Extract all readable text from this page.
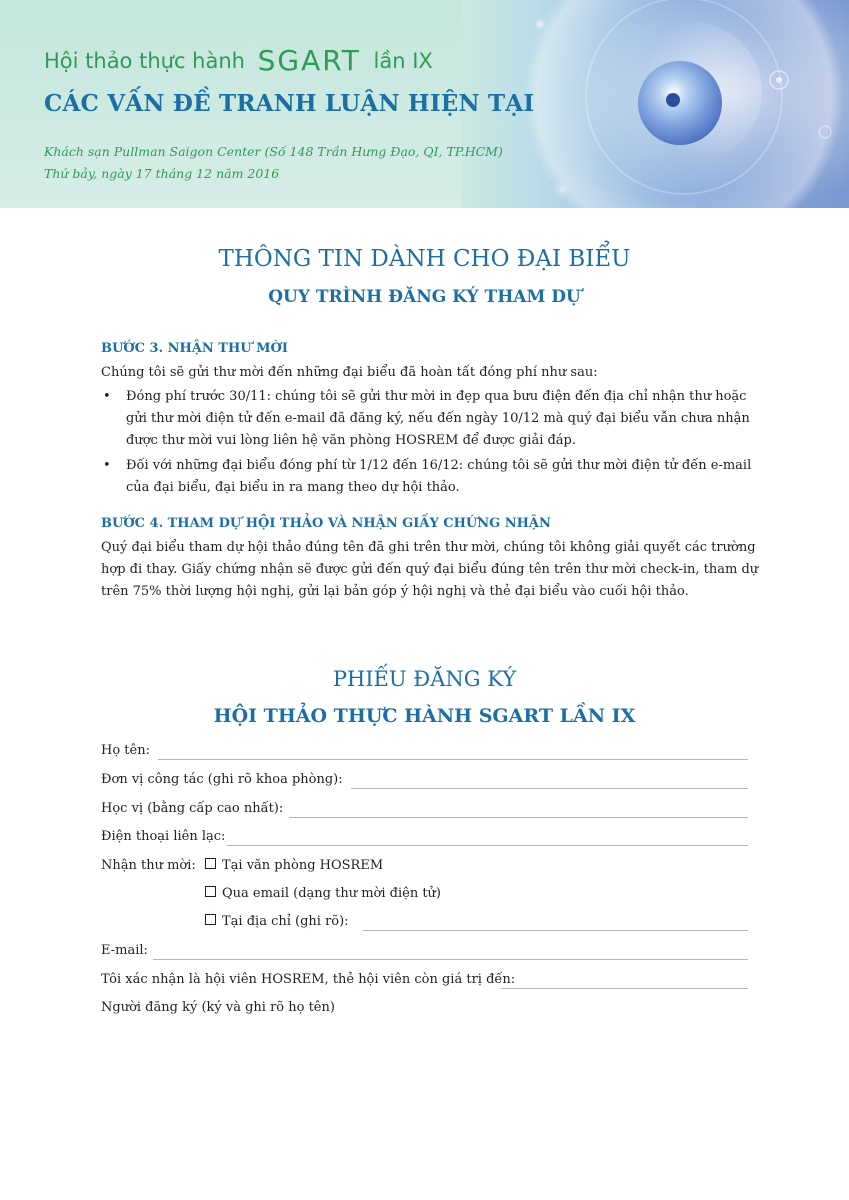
Hội thảo thực hành SGART lần IX
CÁC VẤN ĐỀ TRANH LUẬN HIỆN TẠI
Khách sạn Pullman Saigon Center (Số 148 Trần Hưng Đạo, QI, TP.HCM)
Thứ bảy, ngày 17 tháng 12 năm 2016
THÔNG TIN DÀNH CHO ĐẠI BIỂU
QUY TRÌNH ĐĂNG KÝ THAM DỰ
BƯỚC 3. NHẬN THƯ MỜI
Chúng tôi sẽ gửi thư mời đến những đại biểu đã hoàn tất đóng phí như sau:
• Đóng phí trước 30/11: chúng tôi sẽ gửi thư mời in đẹp qua bưu điện đến địa chỉ nhận thư hoặc gửi thư mời điện tử đến e-mail đã đăng ký, nếu đến ngày 10/12 mà quý đại biểu vẫn chưa nhận được thư mời vui lòng liên hệ văn phòng HOSREM để được giải đáp.
• Đối với những đại biểu đóng phí từ 1/12 đến 16/12: chúng tôi sẽ gửi thư mời điện tử đến e-mail của đại biểu, đại biểu in ra mang theo dự hội thảo.
BƯỚC 4. THAM DỰ HỘI THẢO VÀ NHẬN GIẤY CHỨNG NHẬN
Quý đại biểu tham dự hội thảo đúng tên đã ghi trên thư mời, chúng tôi không giải quyết các trường hợp đi thay. Giấy chứng nhận sẽ được gửi đến quý đại biểu đúng tên trên thư mời check-in, tham dự trên 75% thời lượng hội nghị, gửi lại bản góp ý hội nghị và thẻ đại biểu vào cuối hội thảo.
PHIẾU ĐĂNG KÝ
HỘI THẢO THỰC HÀNH SGART LẦN IX
Họ tên:
Đơn vị công tác (ghi rõ khoa phòng):
Học vị (bằng cấp cao nhất):
Điện thoại liên lạc:
Nhận thư mời:	Tại văn phòng HOSREM
Qua email (dạng thư mời điện tử)
Tại địa chỉ (ghi rõ):
E-mail:
Tôi xác nhận là hội viên HOSREM, thẻ hội viên còn giá trị đến:
Người đăng ký (ký và ghi rõ họ tên)
